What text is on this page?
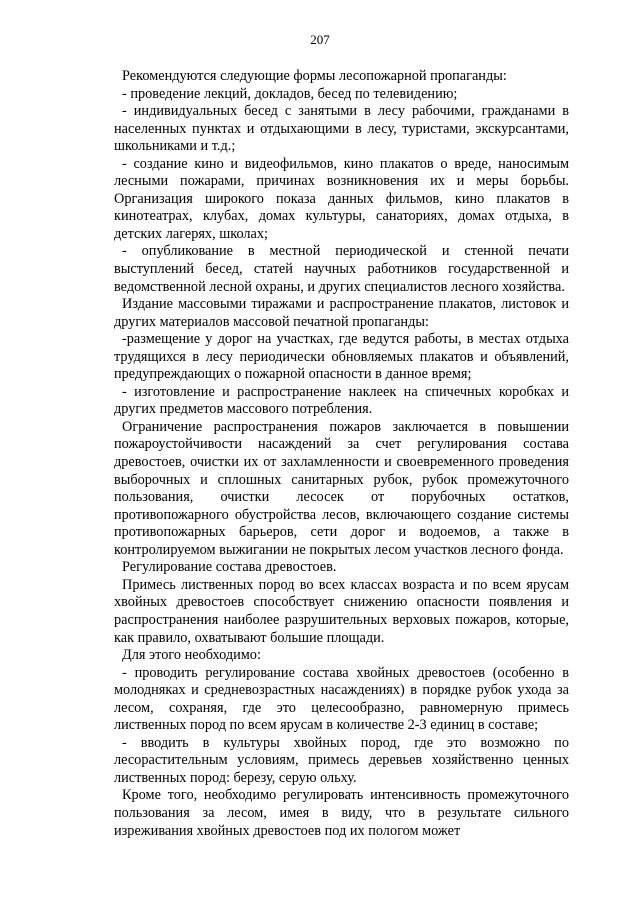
207

Рекомендуются следующие формы лесопожарной пропаганды:

- проведение лекций, докладов, бесед по телевидению;

- индивидуальных бесед с занятыми в лесу рабочими, гражданами в населенных пунктах и отдыхающими в лесу, туристами, экскурсантами, школьниками и т.д.;

- создание кино и видеофильмов, кино плакатов о вреде, наносимым лесными пожарами, причинах возникновения их и меры борьбы. Организация широкого показа данных фильмов, кино плакатов в кинотеатрах, клубах, домах культуры, санаториях, домах отдыха, в детских лагерях, школах;

- опубликование в местной периодической и стенной печати выступлений бесед, статей научных работников государственной и ведомственной лесной охраны, и других специалистов лесного хозяйства.

Издание массовыми тиражами и распространение плакатов, листовок и других материалов массовой печатной пропаганды:

-размещение у дорог на участках, где ведутся работы, в местах отдыха трудящихся в лесу периодически обновляемых плакатов и объявлений, предупреждающих о пожарной опасности в данное время;

- изготовление и распространение наклеек на спичечных коробках и других предметов массового потребления.

Ограничение распространения пожаров заключается в повышении пожароустойчивости насаждений за счет регулирования состава древостоев, очистки их от захламленности и своевременного проведения выборочных и сплошных санитарных рубок, рубок промежуточного пользования, очистки лесосек от порубочных остатков, противопожарного обустройства лесов, включающего создание системы противопожарных барьеров, сети дорог и водоемов, а также в контролируемом выжигании не покрытых лесом участков лесного фонда.

Регулирование состава древостоев.

Примесь лиственных пород во всех классах возраста и по всем ярусам хвойных древостоев способствует снижению опасности появления и распространения наиболее разрушительных верховых пожаров, которые, как правило, охватывают большие площади.

Для этого необходимо:

- проводить регулирование состава хвойных древостоев (особенно в молодняках и средневозрастных насаждениях) в порядке рубок ухода за лесом, сохраняя, где это целесообразно, равномерную примесь лиственных пород по всем ярусам в количестве 2-3 единиц в составе;

- вводить в культуры хвойных пород, где это возможно по лесорастительным условиям, примесь деревьев хозяйственно ценных лиственных пород: березу, серую ольху.

Кроме того, необходимо регулировать интенсивность промежуточного пользования за лесом, имея в виду, что в результате сильного изреживания хвойных древостоев под их пологом может
